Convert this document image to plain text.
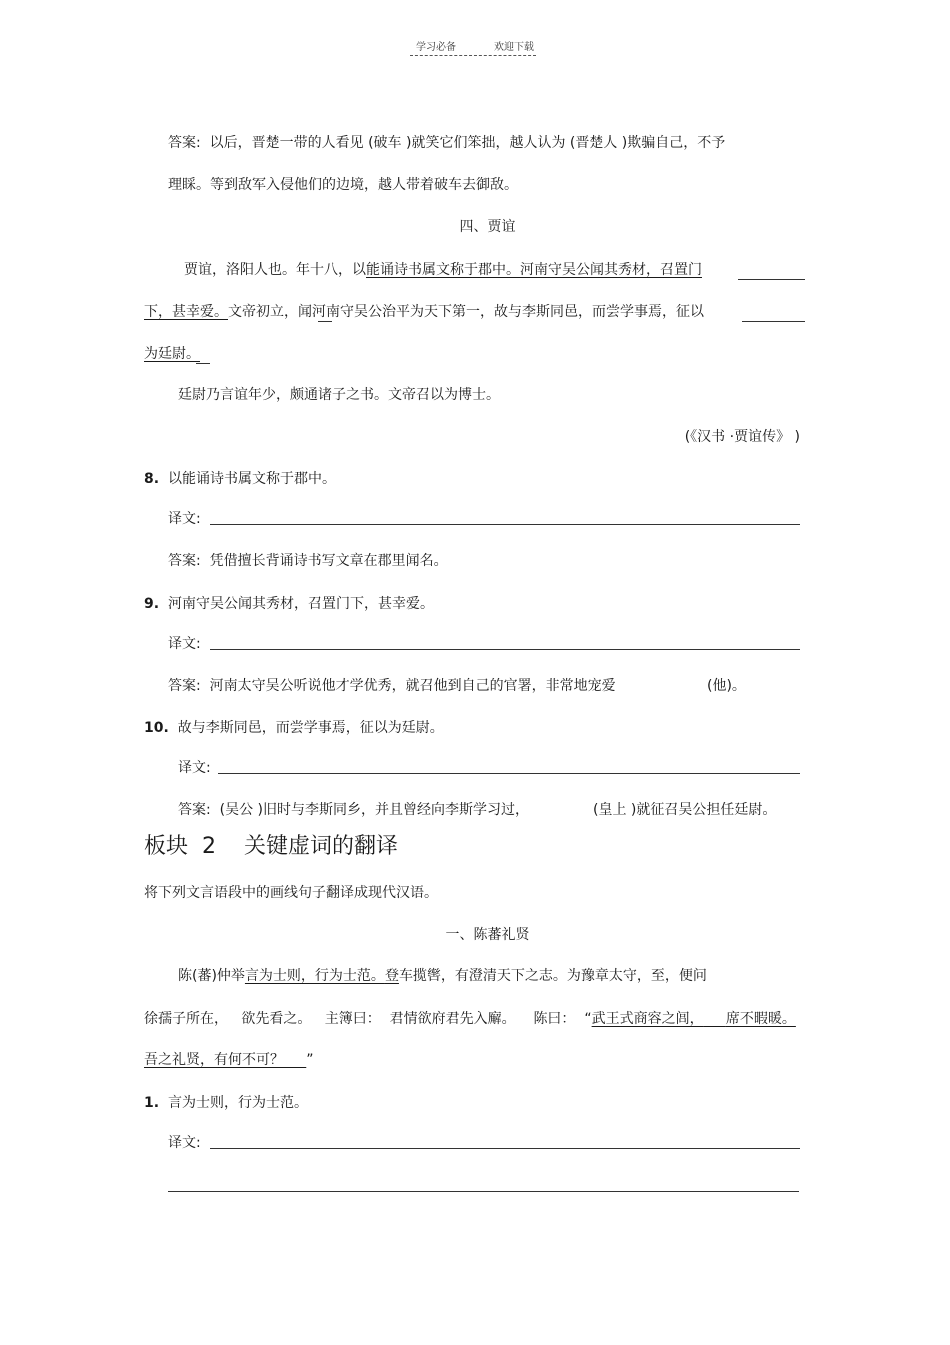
学习必备	欢迎下载
答案: 以后，晋楚一带的人看见 (破车 )就笑它们笨拙，越人认为 (晋楚人 )欺骗自己，不予
理睬。等到敌军入侵他们的边境，越人带着破车去御敌。
四、贾谊
贾谊，洛阳人也。年十八，以能诵诗书属文称于郡中。河南守吴公闻其秀材，召置门
下，甚幸爱。文帝初立，闻河南守吴公治平为天下第一，故与李斯同邑，而尝学事焉，征以
为廷尉。
廷尉乃言谊年少，颇通诸子之书。文帝召以为博士。
(《汉书 ·贾谊传》 )
8. 以能诵诗书属文称于郡中。
译文:
答案: 凭借擅长背诵诗书写文章在郡里闻名。
9. 河南守吴公闻其秀材，召置门下，甚幸爱。
译文:
答案: 河南太守吴公听说他才学优秀，就召他到自己的官署，非常地宠爱	(他)。
10. 故与李斯同邑，而尝学事焉，征以为廷尉。
译文:
答案: (吴公 )旧时与李斯同乡，并且曾经向李斯学习过，	(皇上 )就征召吴公担任廷尉。
板块 2 关键虚词的翻译
将下列文言语段中的画线句子翻译成现代汉语。
一、陈蕃礼贤
陈(蕃)仲举言为士则，行为士范。登车揽辔，有澄清天下之志。为豫章太守，至，便问
徐孺子所在， 欲先看之。 主簿曰： 君情欲府君先入廨。 陈曰： “武王式商容之闾， 席不暇暖。
吾之礼贤，有何不可？ ”
1. 言为士则，行为士范。
译文:
